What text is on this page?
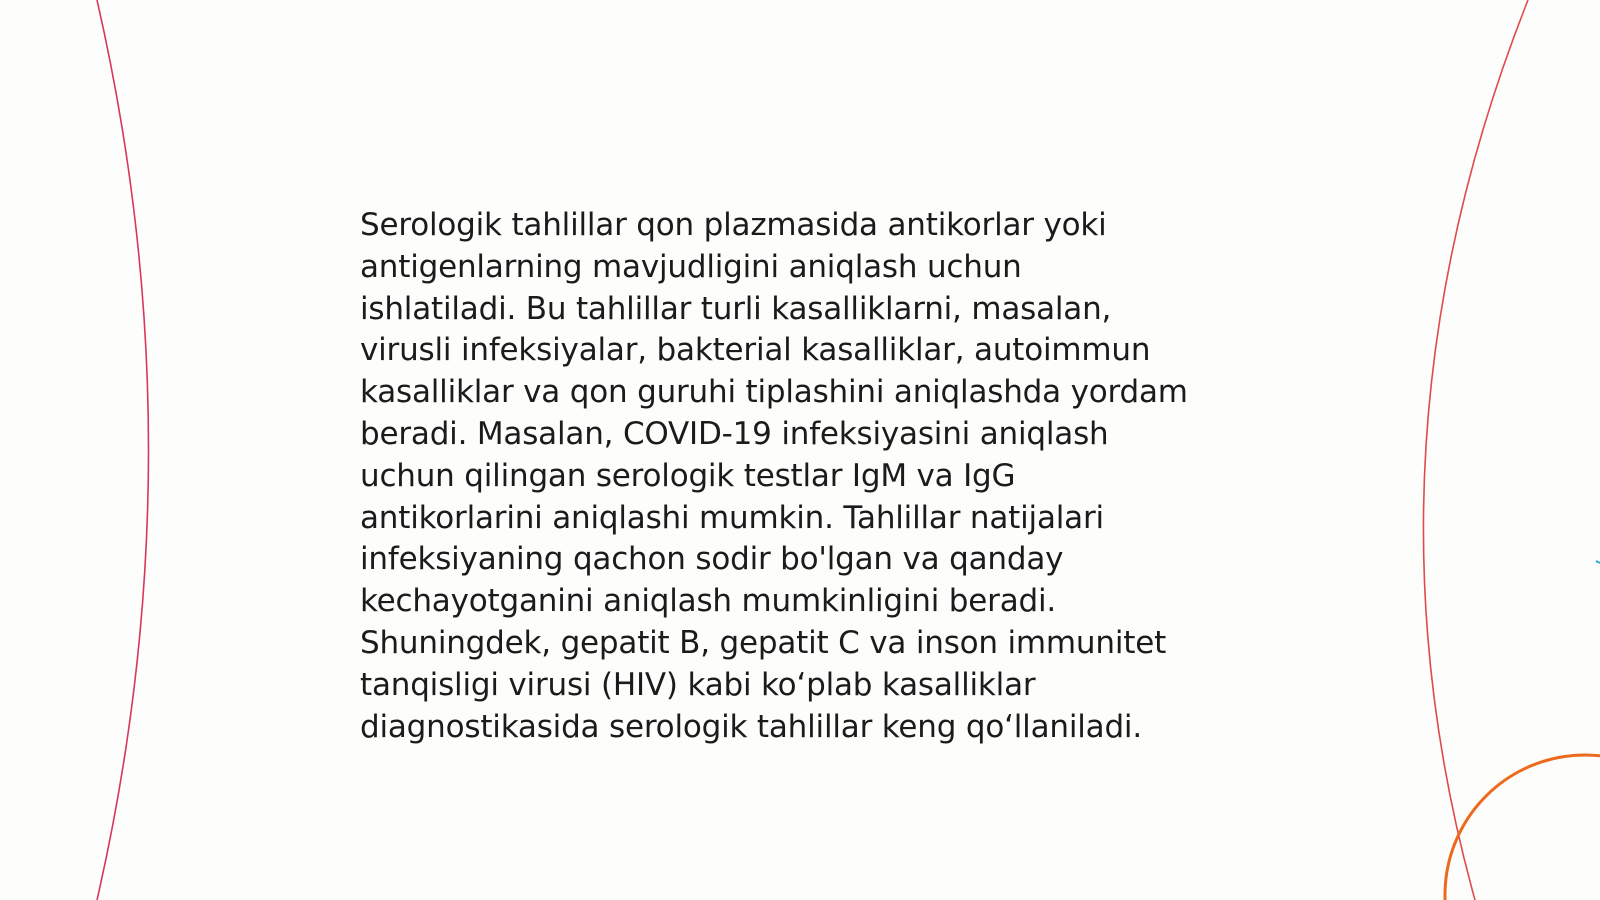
Serologik tahlillar qon plazmasida antikorlar yoki
antigenlarning mavjudligini aniqlash uchun
ishlatiladi. Bu tahlillar turli kasalliklarni, masalan,
virusli infeksiyalar, bakterial kasalliklar, autoimmun
kasalliklar va qon guruhi tiplashini aniqlashda yordam
beradi. Masalan, COVID-19 infeksiyasini aniqlash
uchun qilingan serologik testlar IgM va IgG
antikorlarini aniqlashi mumkin. Tahlillar natijalari
infeksiyaning qachon sodir bo'lgan va qanday
kechayotganini aniqlash mumkinligini beradi.
Shuningdek, gepatit B, gepatit C va inson immunitet
tanqisligi virusi (HIV) kabi ko‘plab kasalliklar
diagnostikasida serologik tahlillar keng qo‘llaniladi.
